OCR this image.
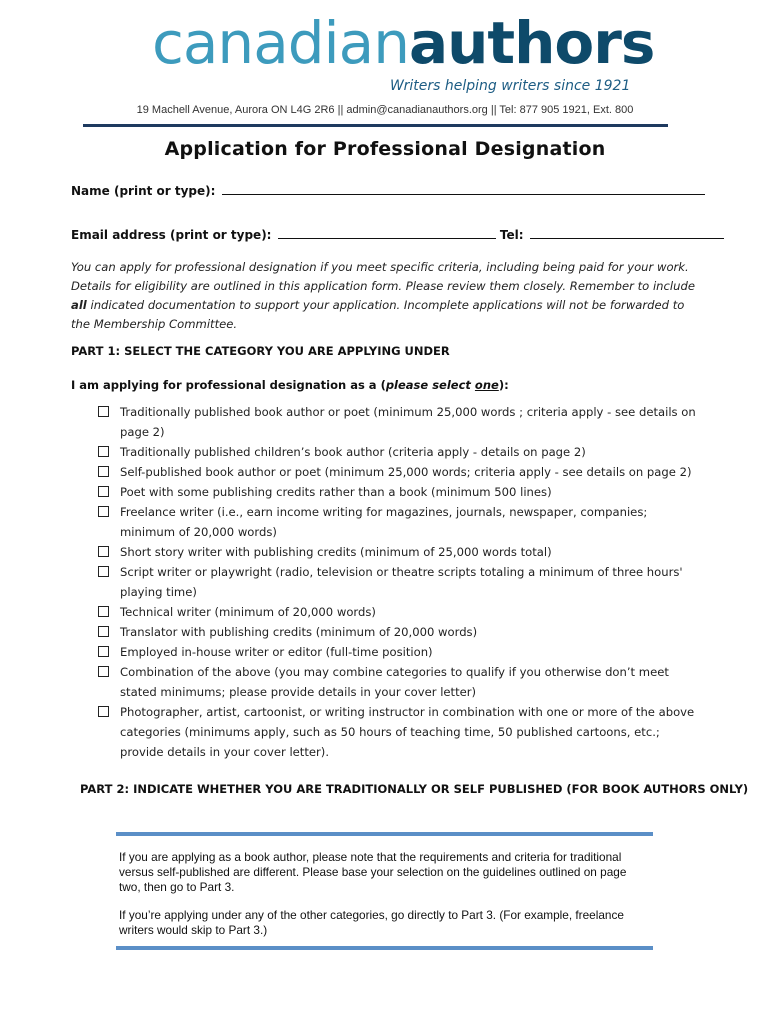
canadianauthors
Writers helping writers since 1921
19 Machell Avenue, Aurora ON L4G 2R6 || admin@canadianauthors.org || Tel: 877 905 1921, Ext. 800
Application for Professional Designation
Name (print or type):
Email address (print or type):	Tel:
You can apply for professional designation if you meet specific criteria, including being paid for your work. Details for eligibility are outlined in this application form. Please review them closely. Remember to include all indicated documentation to support your application. Incomplete applications will not be forwarded to the Membership Committee.
PART 1: SELECT THE CATEGORY YOU ARE APPLYING UNDER
I am applying for professional designation as a (please select one):
Traditionally published book author or poet (minimum 25,000 words ; criteria apply - see details on page 2)
Traditionally published children’s book author (criteria apply - details on page 2)
Self-published book author or poet (minimum 25,000 words; criteria apply - see details on page 2)
Poet with some publishing credits rather than a book (minimum 500 lines)
Freelance writer (i.e., earn income writing for magazines, journals, newspaper, companies; minimum of 20,000 words)
Short story writer with publishing credits (minimum of 25,000 words total)
Script writer or playwright (radio, television or theatre scripts totaling a minimum of three hours' playing time)
Technical writer (minimum of 20,000 words)
Translator with publishing credits (minimum of 20,000 words)
Employed in-house writer or editor (full-time position)
Combination of the above (you may combine categories to qualify if you otherwise don’t meet stated minimums; please provide details in your cover letter)
Photographer, artist, cartoonist, or writing instructor in combination with one or more of the above categories (minimums apply, such as 50 hours of teaching time, 50 published cartoons, etc.; provide details in your cover letter).
PART 2: INDICATE WHETHER YOU ARE TRADITIONALLY OR SELF PUBLISHED (FOR BOOK AUTHORS ONLY)
If you are applying as a book author, please note that the requirements and criteria for traditional versus self-published are different. Please base your selection on the guidelines outlined on page two, then go to Part 3.
If you’re applying under any of the other categories, go directly to Part 3. (For example, freelance writers would skip to Part 3.)
